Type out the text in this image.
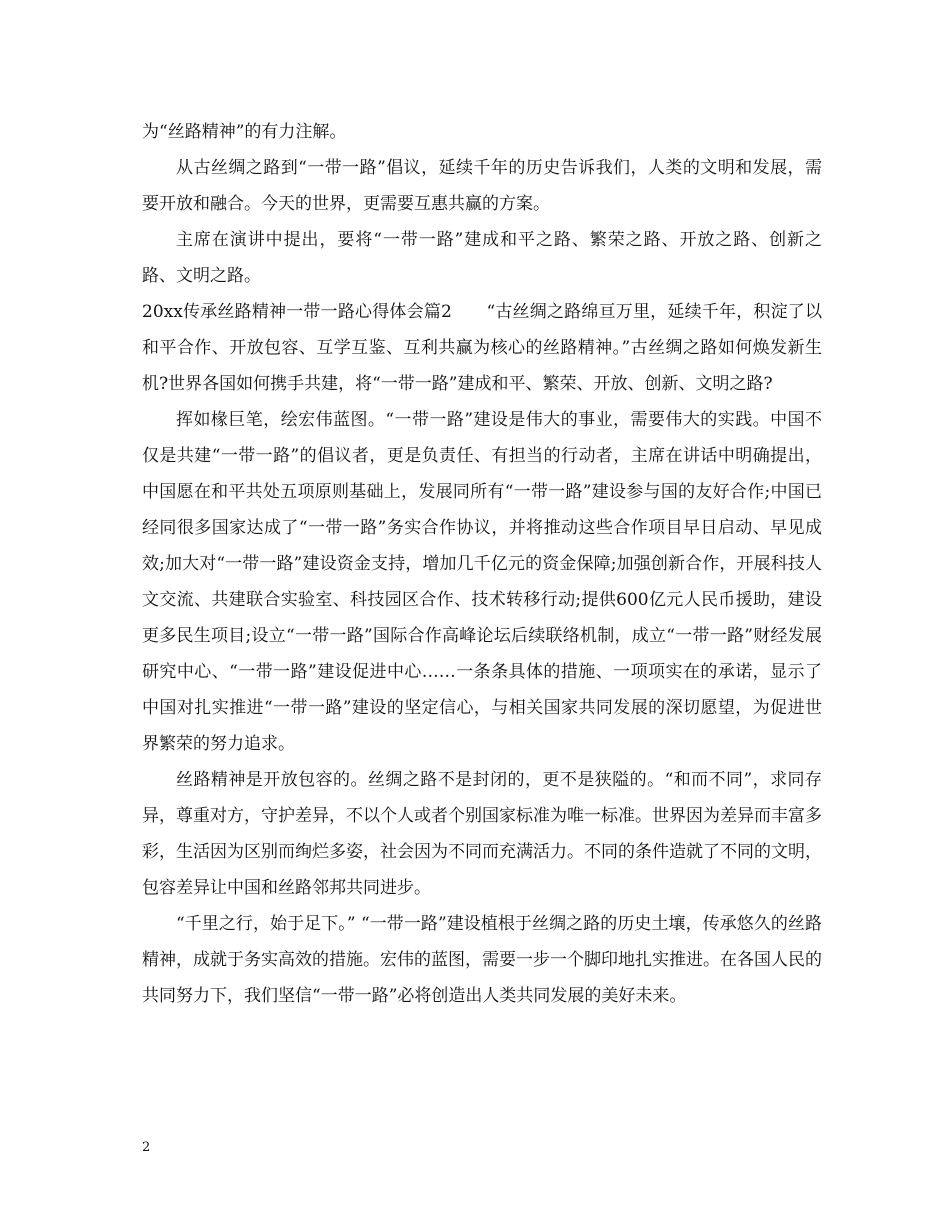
为“丝路精神”的有力注解。

从古丝绸之路到“一带一路”倡议，延续千年的历史告诉我们，人类的文明和发展，需要开放和融合。今天的世界，更需要互惠共赢的方案。

主席在演讲中提出，要将“一带一路”建成和平之路、繁荣之路、开放之路、创新之路、文明之路。

20xx传承丝路精神一带一路心得体会篇2　　“古丝绸之路绵亘万里，延续千年，积淀了以和平合作、开放包容、互学互鉴、互利共赢为核心的丝路精神。”古丝绸之路如何焕发新生机?世界各国如何携手共建，将“一带一路”建成和平、繁荣、开放、创新、文明之路?

挥如椽巨笔，绘宏伟蓝图。“一带一路”建设是伟大的事业，需要伟大的实践。中国不仅是共建“一带一路”的倡议者，更是负责任、有担当的行动者，主席在讲话中明确提出，中国愿在和平共处五项原则基础上，发展同所有“一带一路”建设参与国的友好合作;中国已经同很多国家达成了“一带一路”务实合作协议，并将推动这些合作项目早日启动、早见成效;加大对“一带一路”建设资金支持，增加几千亿元的资金保障;加强创新合作，开展科技人文交流、共建联合实验室、科技园区合作、技术转移行动;提供600亿元人民币援助，建设更多民生项目;设立“一带一路”国际合作高峰论坛后续联络机制，成立“一带一路”财经发展研究中心、“一带一路”建设促进中心……一条条具体的措施、一项项实在的承诺，显示了中国对扎实推进“一带一路”建设的坚定信心，与相关国家共同发展的深切愿望，为促进世界繁荣的努力追求。

丝路精神是开放包容的。丝绸之路不是封闭的，更不是狭隘的。“和而不同”，求同存异，尊重对方，守护差异，不以个人或者个别国家标准为唯一标准。世界因为差异而丰富多彩，生活因为区别而绚烂多姿，社会因为不同而充满活力。不同的条件造就了不同的文明，包容差异让中国和丝路邻邦共同进步。

“千里之行，始于足下。” “一带一路”建设植根于丝绸之路的历史土壤，传承悠久的丝路精神，成就于务实高效的措施。宏伟的蓝图，需要一步一个脚印地扎实推进。在各国人民的共同努力下，我们坚信“一带一路”必将创造出人类共同发展的美好未来。

2
